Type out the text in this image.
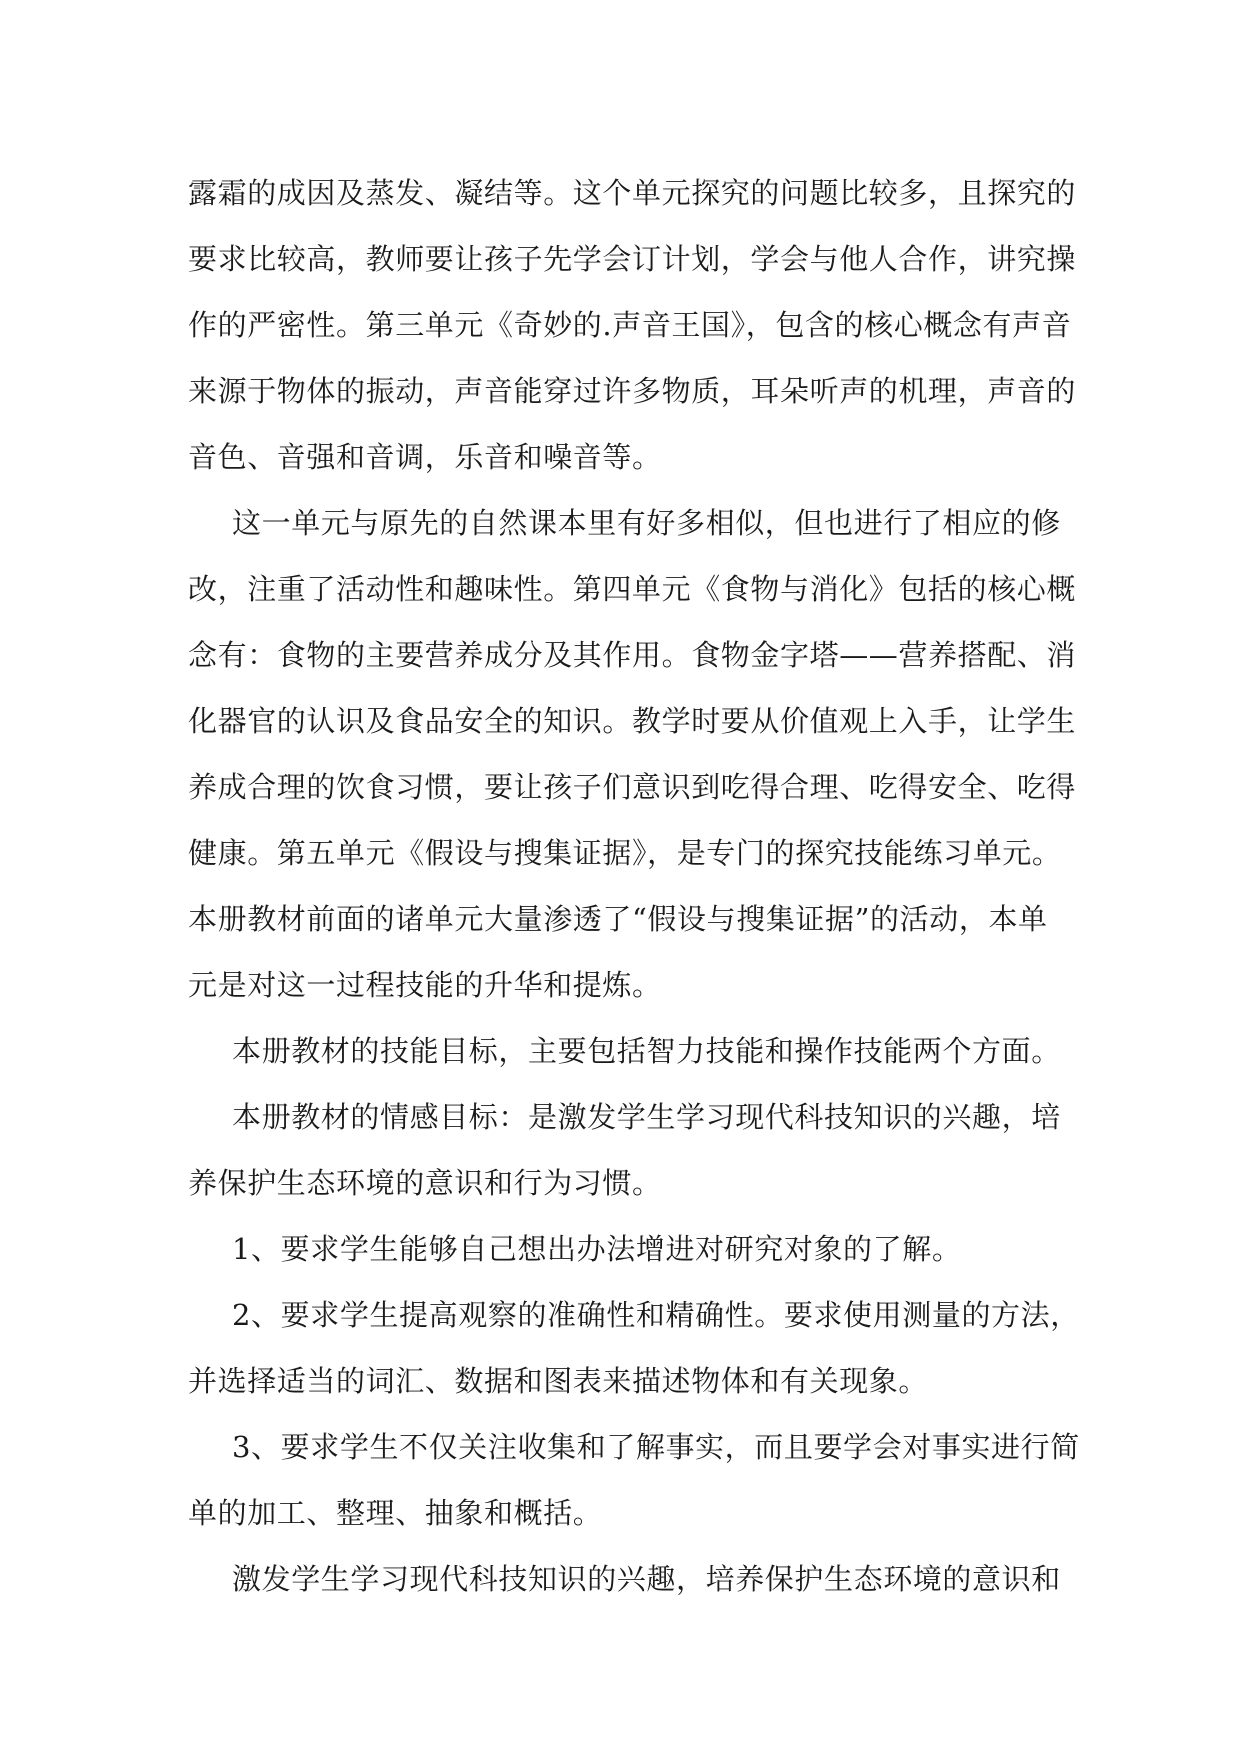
露霜的成因及蒸发、凝结等。这个单元探究的问题比较多，且探究的
要求比较高，教师要让孩子先学会订计划，学会与他人合作，讲究操
作的严密性。第三单元《奇妙的.声音王国》，包含的核心概念有声音
来源于物体的振动，声音能穿过许多物质，耳朵听声的机理，声音的
音色、音强和音调，乐音和噪音等。
这一单元与原先的自然课本里有好多相似，但也进行了相应的修
改，注重了活动性和趣味性。第四单元《食物与消化》包括的核心概
念有：食物的主要营养成分及其作用。食物金字塔——营养搭配、消
化器官的认识及食品安全的知识。教学时要从价值观上入手，让学生
养成合理的饮食习惯，要让孩子们意识到吃得合理、吃得安全、吃得
健康。第五单元《假设与搜集证据》，是专门的探究技能练习单元。
本册教材前面的诸单元大量渗透了“假设与搜集证据”的活动，本单
元是对这一过程技能的升华和提炼。
本册教材的技能目标，主要包括智力技能和操作技能两个方面。
本册教材的情感目标：是激发学生学习现代科技知识的兴趣，培
养保护生态环境的意识和行为习惯。
1、要求学生能够自己想出办法增进对研究对象的了解。
2、要求学生提高观察的准确性和精确性。要求使用测量的方法，
并选择适当的词汇、数据和图表来描述物体和有关现象。
3、要求学生不仅关注收集和了解事实，而且要学会对事实进行简
单的加工、整理、抽象和概括。
激发学生学习现代科技知识的兴趣，培养保护生态环境的意识和
